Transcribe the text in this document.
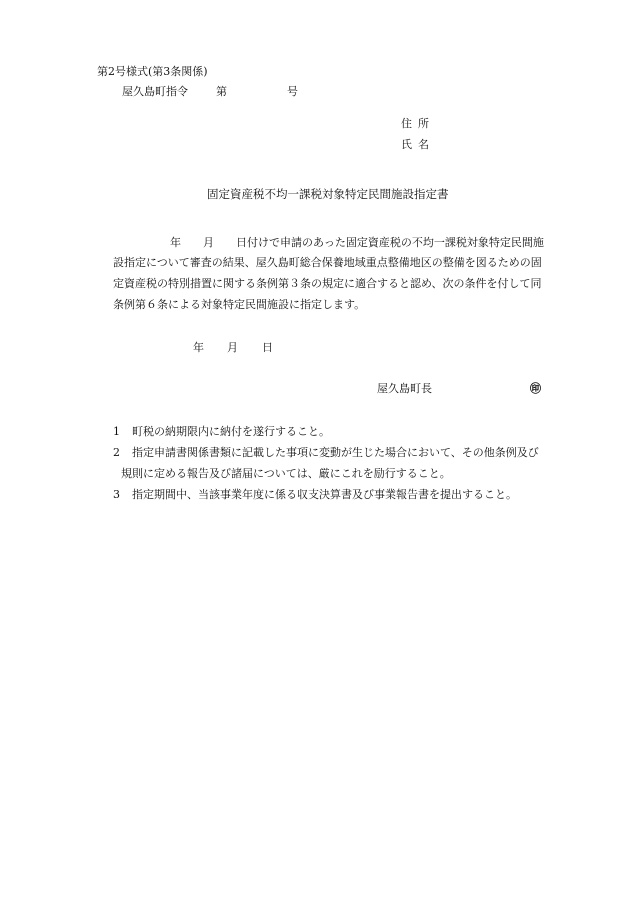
第2号様式(第3条関係)
屋久島町指令	第	号
住所
氏名
固定資産税不均一課税対象特定民間施設指定書
年　　月　　日付けで申請のあった固定資産税の不均一課税対象特定民間施
設指定について審査の結果、屋久島町総合保養地域重点整備地区の整備を図るための固
定資産税の特別措置に関する条例第３条の規定に適合すると認め、次の条件を付して同
条例第６条による対象特定民間施設に指定します。
年 月 日
屋久島町長	㊞
1 町税の納期限内に納付を遂行すること。
2 指定申請書関係書類に記載した事項に変動が生じた場合において、その他条例及び
規則に定める報告及び諸届については、厳にこれを励行すること。
3 指定期間中、当該事業年度に係る収支決算書及び事業報告書を提出すること。
